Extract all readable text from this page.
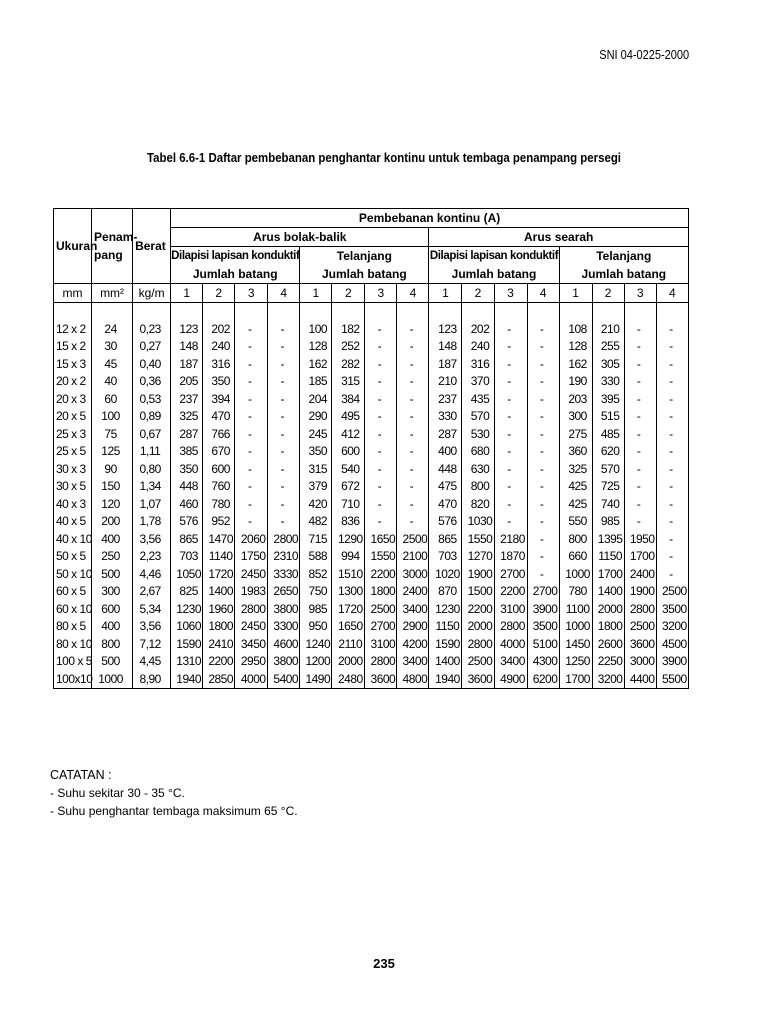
SNI 04-0225-2000
Tabel 6.6-1 Daftar pembebanan penghantar kontinu untuk tembaga penampang persegi
Ukuran	Penam-
pang	Berat	Pembebanan kontinu (A)															
			Arus bolak-balik								Arus searah							
			Dilapisi lapisan konduktif				Telanjang				Dilapisi lapisan konduktif				Telanjang			
			Jumlah batang				Jumlah batang				Jumlah batang				Jumlah batang			
mm	mm²	kg/m	1	2	3	4	1	2	3	4	1	2	3	4	1	2	3	4

12 x 2	24	0,23	123	202	-	-	100	182	-	-	123	202	-	-	108	210	-	-
15 x 2	30	0,27	148	240	-	-	128	252	-	-	148	240	-	-	128	255	-	-
15 x 3	45	0,40	187	316	-	-	162	282	-	-	187	316	-	-	162	305	-	-
20 x 2	40	0,36	205	350	-	-	185	315	-	-	210	370	-	-	190	330	-	-
20 x 3	60	0,53	237	394	-	-	204	384	-	-	237	435	-	-	203	395	-	-
20 x 5	100	0,89	325	470	-	-	290	495	-	-	330	570	-	-	300	515	-	-
25 x 3	75	0,67	287	766	-	-	245	412	-	-	287	530	-	-	275	485	-	-
25 x 5	125	1,11	385	670	-	-	350	600	-	-	400	680	-	-	360	620	-	-
30 x 3	90	0,80	350	600	-	-	315	540	-	-	448	630	-	-	325	570	-	-
30 x 5	150	1,34	448	760	-	-	379	672	-	-	475	800	-	-	425	725	-	-
40 x 3	120	1,07	460	780	-	-	420	710	-	-	470	820	-	-	425	740	-	-
40 x 5	200	1,78	576	952	-	-	482	836	-	-	576	1030	-	-	550	985	-	-
40 x 10	400	3,56	865	1470	2060	2800	715	1290	1650	2500	865	1550	2180	-	800	1395	1950	-
50 x 5	250	2,23	703	1140	1750	2310	588	994	1550	2100	703	1270	1870	-	660	1150	1700	-
50 x 10	500	4,46	1050	1720	2450	3330	852	1510	2200	3000	1020	1900	2700	-	1000	1700	2400	-
60 x 5	300	2,67	825	1400	1983	2650	750	1300	1800	2400	870	1500	2200	2700	780	1400	1900	2500
60 x 10	600	5,34	1230	1960	2800	3800	985	1720	2500	3400	1230	2200	3100	3900	1100	2000	2800	3500
80 x 5	400	3,56	1060	1800	2450	3300	950	1650	2700	2900	1150	2000	2800	3500	1000	1800	2500	3200
80 x 10	800	7,12	1590	2410	3450	4600	1240	2110	3100	4200	1590	2800	4000	5100	1450	2600	3600	4500
100 x 5	500	4,45	1310	2200	2950	3800	1200	2000	2800	3400	1400	2500	3400	4300	1250	2250	3000	3900
100x10	1000	8,90	1940	2850	4000	5400	1490	2480	3600	4800	1940	3600	4900	6200	1700	3200	4400	5500
CATATAN :
- Suhu sekitar 30 - 35 °C.
- Suhu penghantar tembaga maksimum 65 °C.
235
